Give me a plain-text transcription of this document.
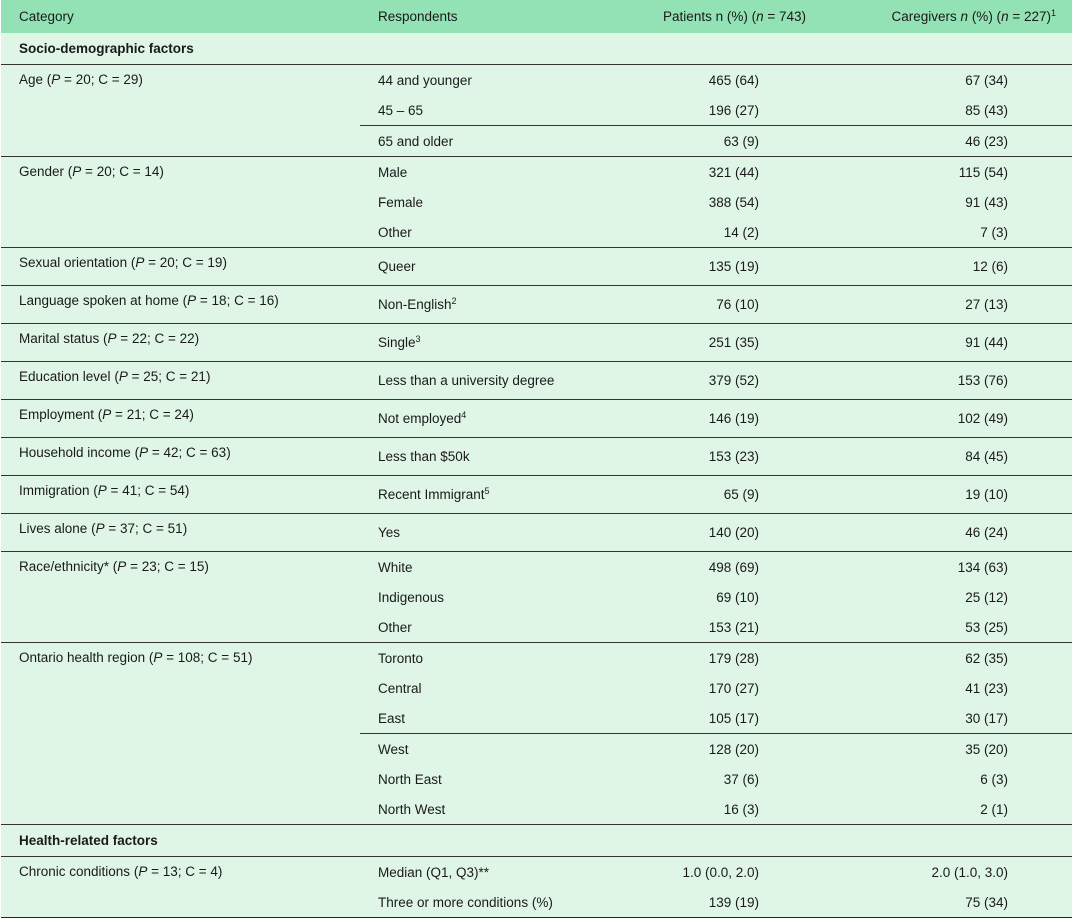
Category	Respondents	Patients n (%) (n = 743)	Caregivers n (%) (n = 227)$^1$
Socio-demographic factors			
Age (P = 20; C = 29)	44 and younger	465 (64)	67 (34)
	45 – 65	196 (27)	85 (43)
	65 and older	63 (9)	46 (23)
Gender (P = 20; C = 14)	Male	321 (44)	115 (54)
	Female	388 (54)	91 (43)
	Other	14 (2)	7 (3)
Sexual orientation (P = 20; C = 19)	Queer	135 (19)	12 (6)
Language spoken at home (P = 18; C = 16)	Non-English$^2$	76 (10)	27 (13)
Marital status (P = 22; C = 22)	Single$^3$	251 (35)	91 (44)
Education level (P = 25; C = 21)	Less than a university degree	379 (52)	153 (76)
Employment (P = 21; C = 24)	Not employed$^4$	146 (19)	102 (49)
Household income (P = 42; C = 63)	Less than $50k	153 (23)	84 (45)
Immigration (P = 41; C = 54)	Recent Immigrant$^5$	65 (9)	19 (10)
Lives alone (P = 37; C = 51)	Yes	140 (20)	46 (24)
Race/ethnicity* (P = 23; C = 15)	White	498 (69)	134 (63)
	Indigenous	69 (10)	25 (12)
	Other	153 (21)	53 (25)
Ontario health region (P = 108; C = 51)	Toronto	179 (28)	62 (35)
	Central	170 (27)	41 (23)
	East	105 (17)	30 (17)
	West	128 (20)	35 (20)
	North East	37 (6)	6 (3)
	North West	16 (3)	2 (1)
Health-related factors			
Chronic conditions (P = 13; C = 4)	Median (Q1, Q3)**	1.0 (0.0, 2.0)	2.0 (1.0, 3.0)
	Three or more conditions (%)	139 (19)	75 (34)
